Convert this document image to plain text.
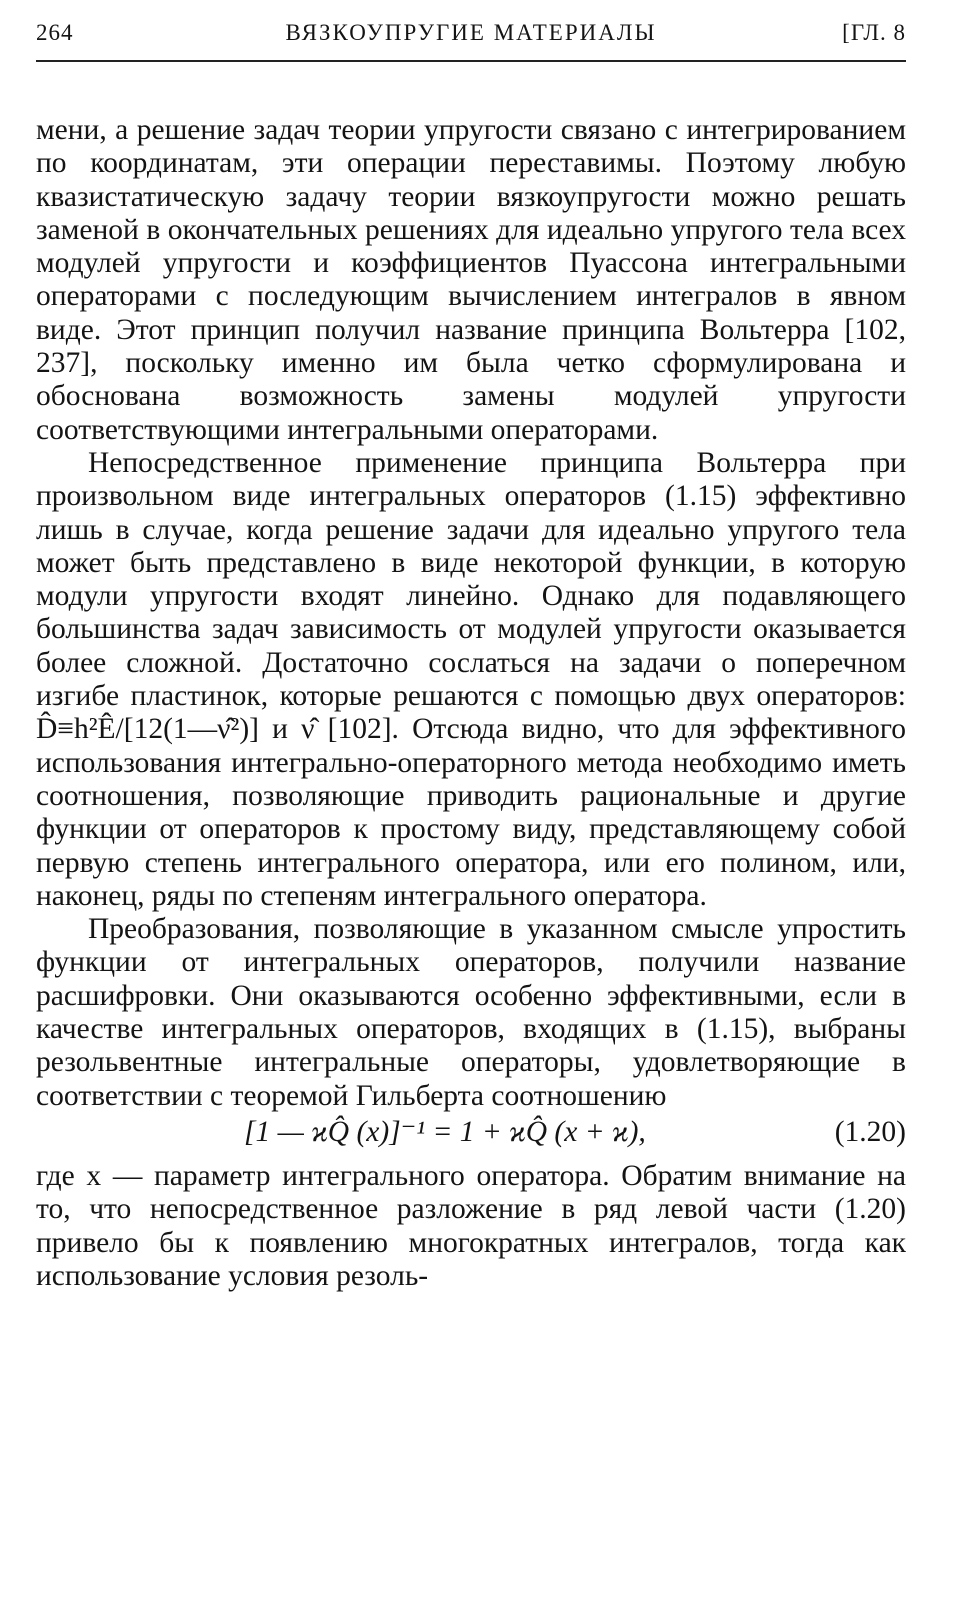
264	ВЯЗКОУПРУГИЕ МАТЕРИАЛЫ	[ГЛ. 8

мени, а решение задач теории упругости связано с интегрированием по координатам, эти операции переставимы. Поэтому любую квазистатическую задачу теории вязкоупругости можно решать заменой в окончательных решениях для идеально упругого тела всех модулей упругости и коэффициентов Пуассона интегральными операторами с последующим вычислением интегралов в явном виде. Этот принцип получил название принципа Вольтерра [102, 237], поскольку именно им была четко сформулирована и обоснована возможность замены модулей упругости соответствующими интегральными операторами.

Непосредственное применение принципа Вольтерра при произвольном виде интегральных операторов (1.15) эффективно лишь в случае, когда решение задачи для идеально упругого тела может быть представлено в виде некоторой функции, в которую модули упругости входят линейно. Однако для подавляющего большинства задач зависимость от модулей упругости оказывается более сложной. Достаточно сослаться на задачи о поперечном изгибе пластинок, которые решаются с помощью двух операторов: D̂≡h²Ê/[12(1—ν̂²)] и ν̂ [102]. Отсюда видно, что для эффективного использования интегрально-операторного метода необходимо иметь соотношения, позволяющие приводить рациональные и другие функции от операторов к простому виду, представляющему собой первую степень интегрального оператора, или его полином, или, наконец, ряды по степеням интегрального оператора.

Преобразования, позволяющие в указанном смысле упростить функции от интегральных операторов, получили название расшифровки. Они оказываются особенно эффективными, если в качестве интегральных операторов, входящих в (1.15), выбраны резольвентные интегральные операторы, удовлетворяющие в соответствии с теоремой Гильберта соотношению

[1 — ϰQ̂ (x)]⁻¹ = 1 + ϰQ̂ (x + ϰ),	(1.20)

где x — параметр интегрального оператора. Обратим внимание на то, что непосредственное разложение в ряд левой части (1.20) привело бы к появлению многократных интегралов, тогда как использование условия резоль-
